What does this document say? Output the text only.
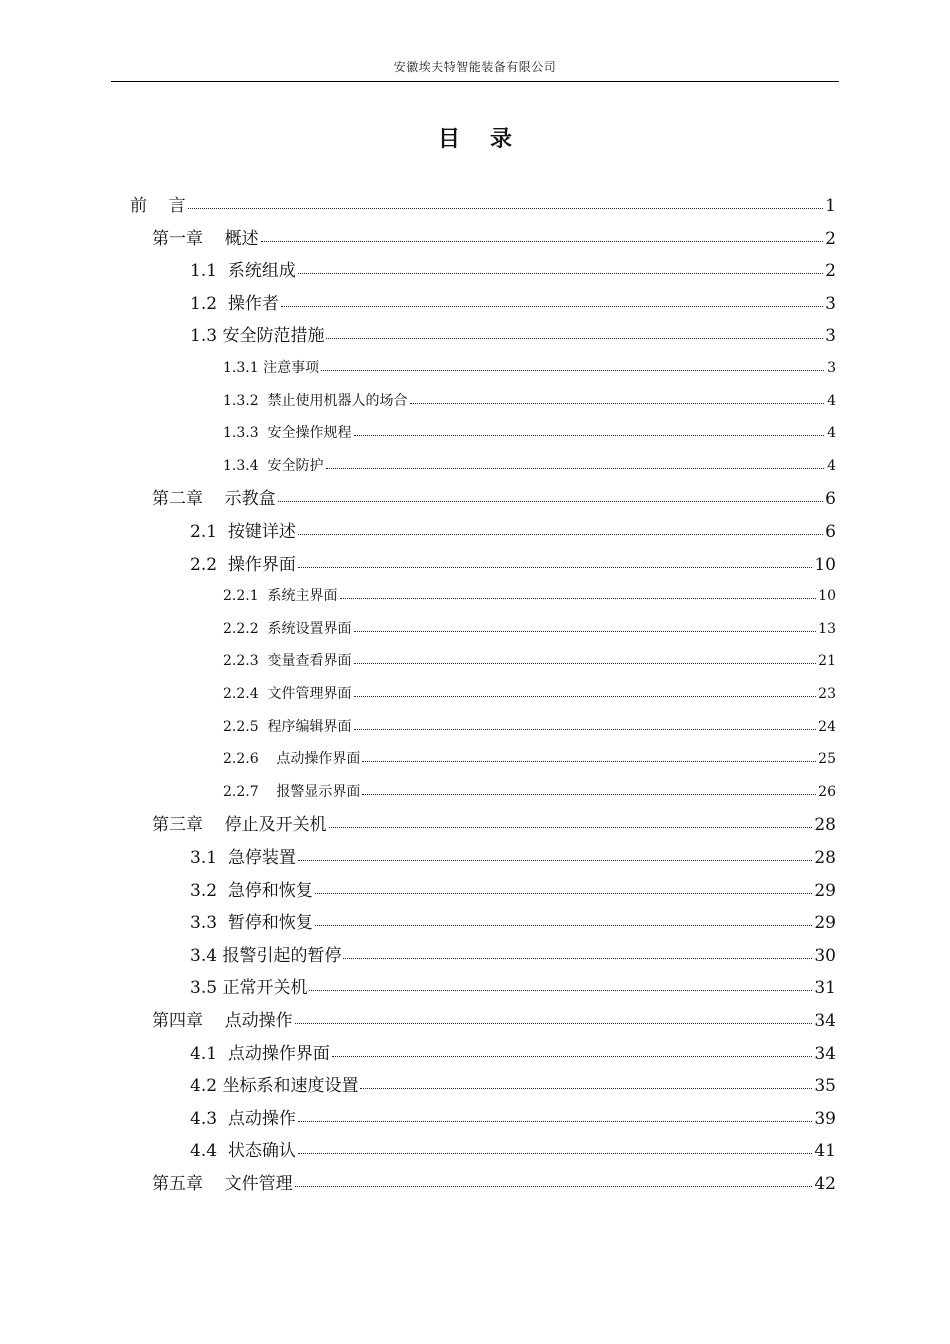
安徽埃夫特智能装备有限公司
目录
前    言	1
第一章    概述	2
1.1 系统组成	2
1.2 操作者	3
1.3 安全防范措施	3
1.3.1 注意事项	3
1.3.2 禁止使用机器人的场合	4
1.3.3 安全操作规程	4
1.3.4 安全防护	4
第二章    示教盒	6
2.1 按键详述	6
2.2 操作界面	10
2.2.1 系统主界面	10
2.2.2 系统设置界面	13
2.2.3 变量查看界面	21
2.2.4 文件管理界面	23
2.2.5 程序编辑界面	24
2.2.6 点动操作界面	25
2.2.7 报警显示界面	26
第三章    停止及开关机	28
3.1 急停装置	28
3.2 急停和恢复	29
3.3 暂停和恢复	29
3.4 报警引起的暂停	30
3.5 正常开关机	31
第四章    点动操作	34
4.1 点动操作界面	34
4.2 坐标系和速度设置	35
4.3 点动操作	39
4.4 状态确认	41
第五章    文件管理	42
